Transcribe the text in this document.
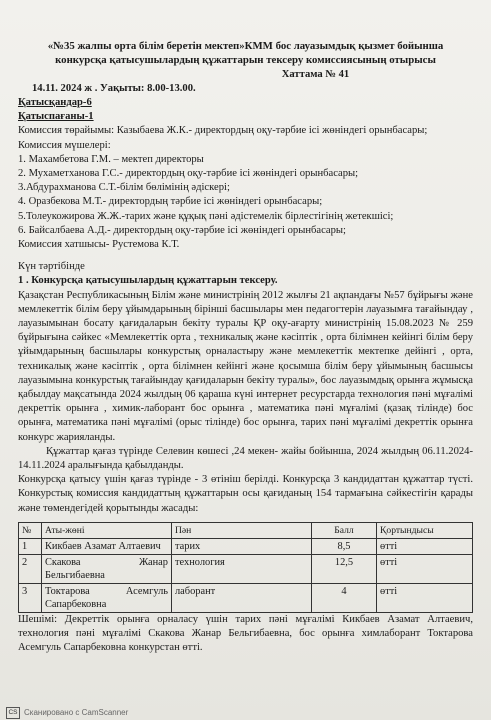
«№35 жалпы орта білім беретін мектеп»КММ бос лауазымдық қызмет бойынша
конкурсқа қатысушылардың құжаттарын тексеру комиссиясының отырысы
Хаттама № 41

14.11. 2024 ж . Уақыты: 8.00-13.00.

Қатысқандар-6

Қатыспағаны-1

Комиссия төрайымы: Казыбаева Ж.К.- директордың оқу-тәрбие ісі жөніндегі орынбасары;

Комиссия мүшелері:

1. Махамбетова Г.М. – мектеп директоры

2. Мухаметханова Г.С.- директордың оқу-тәрбие ісі жөніндегі орынбасары;

3.Абдурахманова С.Т.-білім бөлімінің әдіскері;

4. Оразбекова М.Т.- директордың тәрбие ісі жөніндегі орынбасары;

5.Толеукожирова Ж.Ж.-тарих және құқық пәні әдістемелік бірлестігінің жетекшісі;

6. Байсалбаева А.Д.- директордың оқу-тәрбие ісі жөніндегі орынбасары;

Комиссия хатшысы- Рустемова К.Т.

Күн тәртібінде

1 . Конкурсқа қатысушылардың құжаттарын тексеру.

Қазақстан Республикасының Білім және министрінің 2012 жылғы 21 ақпандағы №57 бұйрығы және мемлекеттік білім беру ұйымдарының бірінші басшылары мен педагогтерін лауазымға тағайындау , лауазымынан босату қағидаларын бекіту туралы ҚР оқу-ағарту министрінің 15.08.2023 № 259 бұйрығына сәйкес «Мемлекеттік орта , техникалық және кәсіптік , орта білімнен кейінгі білім беру ұйымдарының басшылары конкурстық орналастыру және мемлекеттік мектепке дейінгі , орта, техникалық және кәсіптік , орта білімнен кейінгі және қосымша білім беру ұйымының басшысы лауазымына конкурстық тағайындау қағидаларын бекіту туралы», бос лауазымдық орынға жұмысқа қабылдау мақсатында 2024 жылдың 06 қараша күні интернет ресурстарда технология пәні мұғалімі декреттік орынға , химик-лаборант бос орынға , математика пәні мұғалімі (қазақ тілінде) бос орынға, математика пәні мұғалімі (орыс тілінде) бос орынға, тарих пәні мұғалімі декреттік орынға конкурс жарияланды.

Құжаттар қағаз түрінде Селевин көшесі ,24 мекен- жайы бойынша, 2024 жылдың 06.11.2024- 14.11.2024 аралығында қабылданды.

Конкурсқа қатысу үшін қағаз түрінде - 3 өтініш берілді. Конкурсқа 3 кандидаттан құжаттар түсті. Конкурстық комиссия кандидаттың құжаттарын осы қағиданың 154 тармағына сәйкестігін қарады және төмендегідей қорытынды жасады:

№	Аты-жөні	Пән	Балл	Қортындысы
1	Кикбаев Азамат Алтаевич	тарих	8,5	өтті
2	Скакова Жанар Бельгибаевна	технология	12,5	өтті
3	Токтарова Асемгуль Сапарбековна	лаборант	4	өтті

Шешімі: Декреттік орынға орналасу үшін тарих пәні мұғалімі Кикбаев Азамат Алтаевич, технология пәні мұғалімі Скакова Жанар Бельгибаевна, бос орынға химлаборант Токтарова Асемгуль Сапарбековна конкурстан өтті.

CS Сканировано с CamScanner
